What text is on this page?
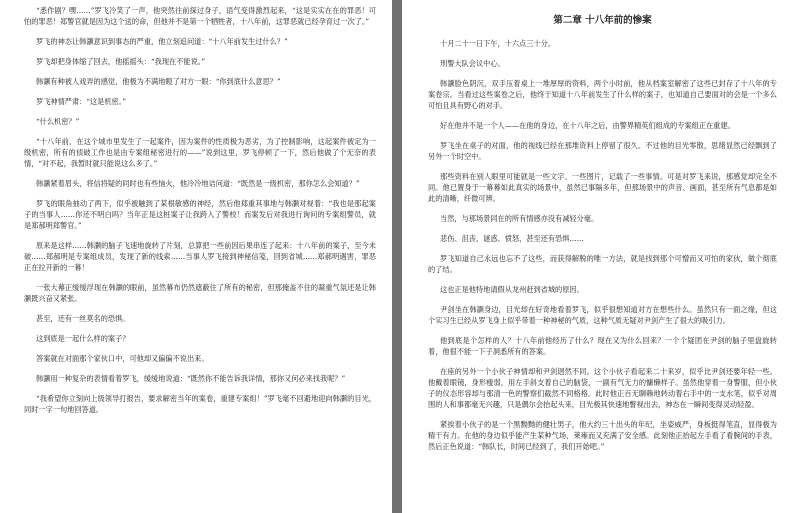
“悉作剧？嘿……”罗飞冷笑了一声，他突然往前探过身子，语气变得激烈起来，“这是实实在在的罪恶！可怕的罪恶！郑警官就是因为这个送的命，但他并不是第一个牺牲者，十八年前，这罪恶就已经孕育过一次了。”

罗飞的神态让韩灏意识到事态的严重，他立刻追问道：“十八年前发生过什么？”

罗飞却把身体缩了回去，他摇摇头：“我现在不能说。”

韩灏有种被人戏弄的感觉，他极为不满地瞪了对方一眼：“你到底什么意思？”

罗飞神情严肃：“这是机密。”

“什么机密？”

“十八年前，在这个城市里发生了一起案件，因为案件的性质极为恶劣，为了控制影响，这起案件被定为一级机密，所有的侦破工作也是由专案组秘密进行的——”说到这里，罗飞停顿了一下，然后他做了个无奈的表情，“对不起，我暂时就只能说这么多了。”

韩灏紧着眉头，将信将疑的同时也有些恼火，他冷冷地诘问道：“既然是一级机密，那你怎么会知道？”

罗飞的眼角抽动了两下，似乎被触到了某根敏感的神经，然后他郑重其事地与韩灏对视着：“我也是那起案子的当事人……你还不明白吗？当年正是这桩案子让我跨入了警校！而案发后对我进行询问的专案组警员，就是郑郝明郑警官。”

原来是这样……韩灏的脑子飞速地旋转了片刻，总算把一些前因后果串连了起来：十八年前的案子，至今未破……郑郝明是专案组成员，发现了新的线索……当事人罗飞接到神秘信笺，回到省城……郑郝明遇害，罪恶正在拉开新的一幕！

一张大幕正缓缓浮现在韩灏的眼前，虽然幕布仍然遮蔽住了所有的秘密，但那掩盖不住的凝重气氛还是让韩灏既兴奋又紧张。

甚至，还有一丝莫名的恐惧。

这到底是一起什么样的案子？

答案就在对面那个家伙口中，可他却又偏偏不说出来。

韩灏用一种复杂的表情看着罗飞，缓缓地说道：“既然你不能告诉我详情，那你又何必来找我呢？”

“我希望你立刻向上级领导打报告，要求解密当年的案卷，重建专案组！”罗飞毫不回避地迎向韩灏的目光，同时一字一句地回答道。

第二章 十八年前的惨案

十月二十一日下午，十六点三十分。

刑警大队会议中心。

韩灏脸色阴沉，双手压着桌上一堆厚厚的资料，两个小时前，他从档案室解密了这些已封存了十八年的专案卷宗。当看过这些案卷之后，他终于知道十八年前发生了什么样的案子，也知道自己要面对的会是一个多么可怕且具有野心的对手。

好在他并不是一个人——在他的身边，在十八年之后，由警界精英们组成的专案组正在重建。

罗飞坐在桌子的对面，他的视线已经在那堆资料上停留了很久。不过他的目光零散，思绪显然已经飘到了另外一个时空中。

那些资料在别人眼里可能就是一些文字、一些图片，记载了一些事情。可是对罗飞来说，那感觉却完全不同。他已置身于一幕幕如此真实的场景中，虽然已事隔多年，但那场景中的声音、画面，甚至所有气息都是如此的清晰，纤微可辨。

当然，与那场景同在的所有情感亦没有减轻分毫。

悲伤、沮丧、谜惑、愤怒，甚至还有恐惧……

罗飞知道自己永远也忘不了这些，而获得解脱的唯一方法，就是找到那个可憎而又可怕的家伙，做个彻底的了结。

这也正是他特地请假从龙州赶到省城的原因。

尹剑坐在韩灏身边，目光却在好奇地看着罗飞，似乎很想知道对方在想些什么。虽然只有一面之缘，但这个实习生已经从罗飞身上似乎带着一种神秘的气质，这种气质无疑对尹剑产生了很大的吸引力。

他到底是个怎样的人？十八年前他经历了什么？现在又为什么回来？一个个疑团在尹剑的脑子里盘旋转着，他很不能一下子洞悉所有的答案。

在座的另外一个小伙子神情却和尹剑迥然不同。这个小伙子看起来二十来岁，似乎比尹剑还要年轻一些。他戴着眼镜，身形瘦弱，用左手斜支着自己的脑袋，一副有气无力的慵懒样子。虽然他穿着一身警服，但小伙子的仪态形容却与那清一色的警察们截然不同格格。此时他正百无聊赖地转动着右手中的一支水笔，似乎对周围的人和事都毫无兴趣，只是偶尔会抬起头来，目光极其快速地瞥视出去，神态在一瞬间变得灵动轻盈。

紧挨着小伙子的是一个黑黝黝的健壮男子，他大约三十出头的年纪，坐姿威严，身板挺得笔直，显得极为精干有力。在他的身边似乎能产生某种气场，莱雍而又充满了安全感。此刻他正抬起左手看了看腕间的手表，然后正色说道：“韩队长，时间已经到了，我们开始吧。”
